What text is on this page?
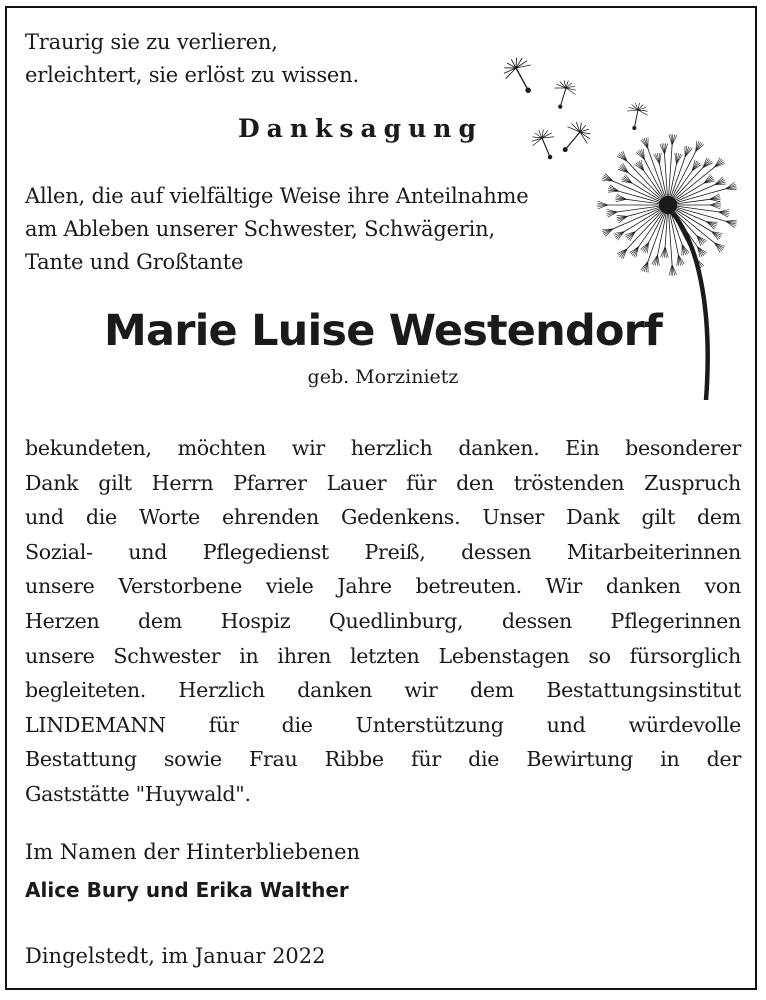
Traurig sie zu verlieren,
erleichtert, sie erlöst zu wissen.
Danksagung
Allen, die auf vielfältige Weise ihre Anteilnahme
am Ableben unserer Schwester, Schwägerin,
Tante und Großtante
Marie Luise Westendorf
geb. Morzinietz
bekundeten, möchten wir herzlich danken. Ein besonderer
Dank gilt Herrn Pfarrer Lauer für den tröstenden Zuspruch
und die Worte ehrenden Gedenkens. Unser Dank gilt dem
Sozial- und Pflegedienst Preiß, dessen Mitarbeiterinnen
unsere Verstorbene viele Jahre betreuten. Wir danken von
Herzen dem Hospiz Quedlinburg, dessen Pflegerinnen
unsere Schwester in ihren letzten Lebenstagen so fürsorglich
begleiteten. Herzlich danken wir dem Bestattungsinstitut
LINDEMANN für die Unterstützung und würdevolle
Bestattung sowie Frau Ribbe für die Bewirtung in der
Gaststätte "Huywald".
Im Namen der Hinterbliebenen
Alice Bury und Erika Walther
Dingelstedt, im Januar 2022
